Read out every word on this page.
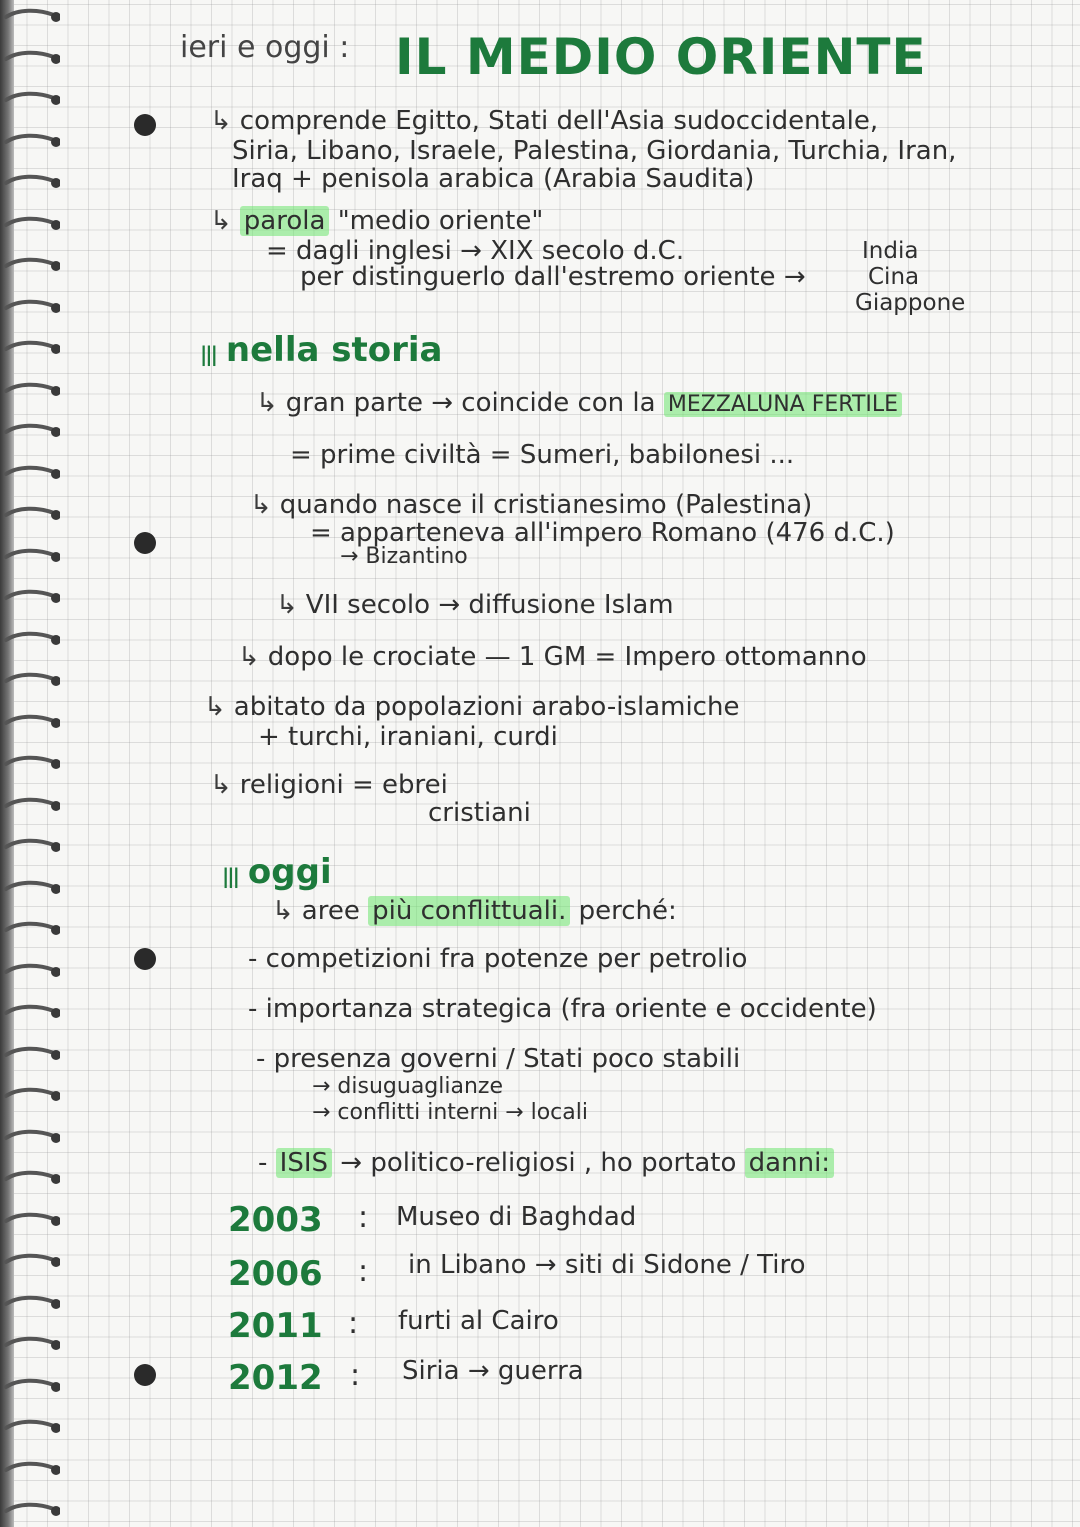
ieri e oggi : IL MEDIO ORIENTE
↳ comprende Egitto, Stati dell'Asia sudoccidentale,
Siria, Libano, Israele, Palestina, Giordania, Turchia, Iran,
Iraq + penisola arabica (Arabia Saudita)
↳ parola "medio oriente"
= dagli inglesi → XIX secolo d.C.
per distinguerlo dall'estremo oriente →
India
Cina
Giappone
||| nella storia
↳ gran parte → coincide con la MEZZALUNA FERTILE
= prime civiltà = Sumeri, babilonesi ...
↳ quando nasce il cristianesimo (Palestina)
= apparteneva all'impero Romano (476 d.C.)
→ Bizantino
↳ VII secolo → diffusione Islam
↳ dopo le crociate — 1 GM = Impero ottomanno
↳ abitato da popolazioni arabo-islamiche
+ turchi, iraniani, curdi
↳ religioni = ebrei
cristiani
||| oggi
↳ aree più conflittuali. perché:
- competizioni fra potenze per petrolio
- importanza strategica (fra oriente e occidente)
- presenza governi / Stati poco stabili
→ disuguaglianze
→ conflitti interni → locali
- ISIS → politico-religiosi , ho portato danni:
2003 : Museo di Baghdad
2006 : in Libano → siti di Sidone / Tiro
2011 : furti al Cairo
2012 : Siria → guerra
